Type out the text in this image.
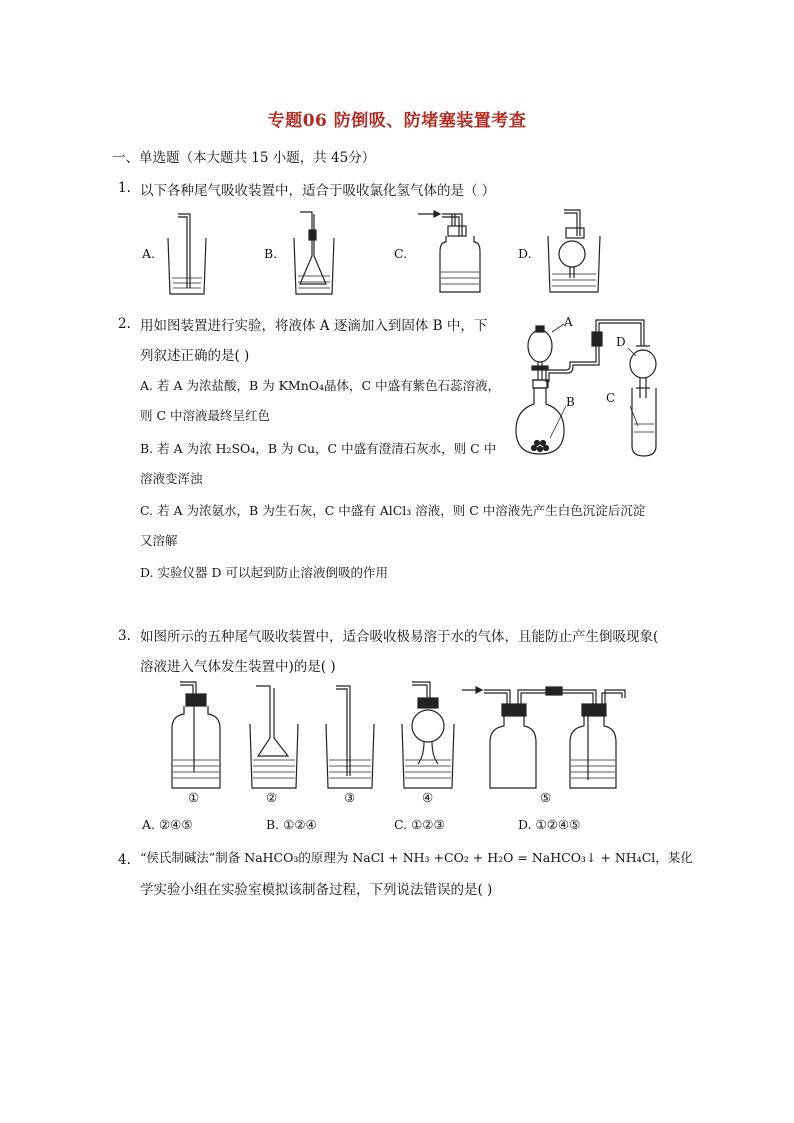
专题06 防倒吸、防堵塞装置考查
一、单选题（本大题共 15 小题，共 45分）
1. 以下各种尾气吸收装置中，适合于吸收氯化氢气体的是（ ）
A.	B.	C.	D.
2. 用如图装置进行实验，将液体 A 逐滴加入到固体 B 中，下
列叙述正确的是( )
A. 若 A 为浓盐酸，B 为 KMnO₄晶体，C 中盛有紫色石蕊溶液，
则 C 中溶液最终呈红色
B. 若 A 为浓 H₂SO₄，B 为 Cu，C 中盛有澄清石灰水，则 C 中
溶液变浑浊
C. 若 A 为浓氨水，B 为生石灰，C 中盛有 AlCl₃ 溶液，则 C 中溶液先产生白色沉淀后沉淀
又溶解
D. 实验仪器 D 可以起到防止溶液倒吸的作用
A
B	C
D
3. 如图所示的五种尾气吸收装置中，适合吸收极易溶于水的气体，且能防止产生倒吸现象(
溶液进入气体发生装置中)的是( )
①	②	③	④	⑤
A. ②④⑤	B. ①②④	C. ①②③	D. ①②④⑤
4. “侯氏制碱法”制备 NaHCO₃的原理为 NaCl + NH₃ +CO₂ + H₂O = NaHCO₃↓ + NH₄Cl，某化
学实验小组在实验室模拟该制备过程，下列说法错误的是( )
